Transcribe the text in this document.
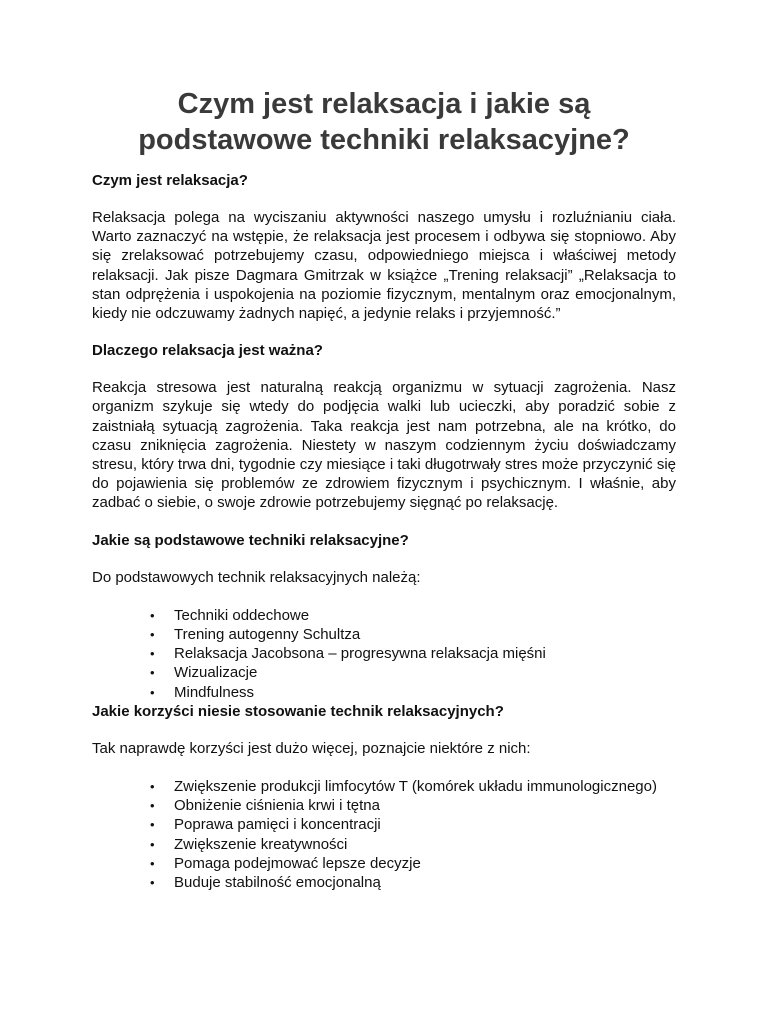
Czym jest relaksacja i jakie są podstawowe techniki relaksacyjne?
Czym jest relaksacja?

Relaksacja polega na wyciszaniu aktywności naszego umysłu i rozluźnianiu ciała. Warto zaznaczyć na wstępie, że relaksacja jest procesem i odbywa się stopniowo. Aby się zrelaksować potrzebujemy czasu, odpowiedniego miejsca i właściwej metody relaksacji. Jak pisze Dagmara Gmitrzak w książce „Trening relaksacji” „Relaksacja to stan odprężenia i uspokojenia na poziomie fizycznym, mentalnym oraz emocjonalnym, kiedy nie odczuwamy żadnych napięć, a jedynie relaks i przyjemność.”

Dlaczego relaksacja jest ważna?

Reakcja stresowa jest naturalną reakcją organizmu w sytuacji zagrożenia. Nasz organizm szykuje się wtedy do podjęcia walki lub ucieczki, aby poradzić sobie z zaistniałą sytuacją zagrożenia. Taka reakcja jest nam potrzebna, ale na krótko, do czasu zniknięcia zagrożenia. Niestety w naszym codziennym życiu doświadczamy stresu, który trwa dni, tygodnie czy miesiące i taki długotrwały stres może przyczynić się do pojawienia się problemów ze zdrowiem fizycznym i psychicznym. I właśnie, aby zadbać o siebie, o swoje zdrowie potrzebujemy sięgnąć po relaksację.

Jakie są podstawowe techniki relaksacyjne?

Do podstawowych technik relaksacyjnych należą:

•	Techniki oddechowe
•	Trening autogenny Schultza
•	Relaksacja Jacobsona – progresywna relaksacja mięśni
•	Wizualizacje
•	Mindfulness
Jakie korzyści niesie stosowanie technik relaksacyjnych?

Tak naprawdę korzyści jest dużo więcej, poznajcie niektóre z nich:

•	Zwiększenie produkcji limfocytów T (komórek układu immunologicznego)
•	Obniżenie ciśnienia krwi i tętna
•	Poprawa pamięci i koncentracji
•	Zwiększenie kreatywności
•	Pomaga podejmować lepsze decyzje
•	Buduje stabilność emocjonalną
